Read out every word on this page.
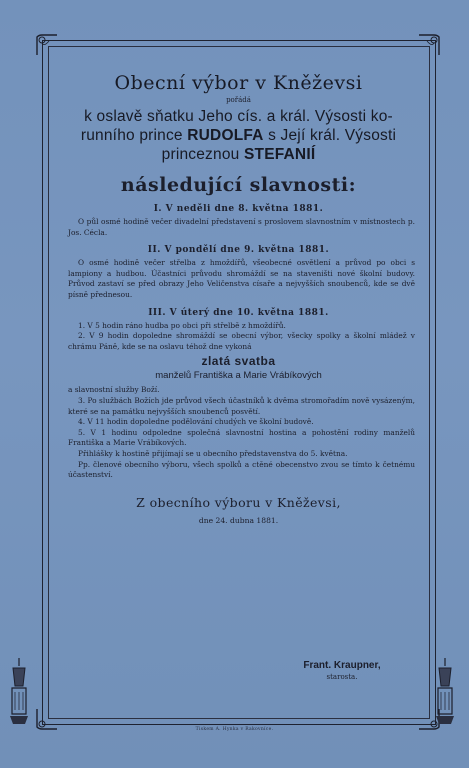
Obecní výbor v Kněževsi
pořádá
k oslavě sňatku Jeho cís. a král. Výsosti ko-
runního prince RUDOLFA s Její král. Výsosti
princeznou STEFANIÍ
následující slavnosti:
I. V neděli dne 8. května 1881.
O půl osmé hodině večer divadelní představení s proslovem slavnostním v místnostech p. Jos. Cécla.
II. V pondělí dne 9. května 1881.
O osmé hodině večer střelba z hmoždířů, všeobecné osvětlení a průvod po obci s lampiony a hudbou. Účastníci průvodu shromáždí se na staveništi nové školní budovy. Průvod zastaví se před obrazy Jeho Veličenstva císaře a nejvyšších snoubenců, kde se dvě písně přednesou.
III. V úterý dne 10. května 1881.
1. V 5 hodin ráno hudba po obci při střelbě z hmoždířů.
2. V 9 hodin dopoledne shromáždí se obecní výbor, všecky spolky a školní mládež v chrámu Páně, kde se na oslavu téhož dne vykoná
zlatá svatba
manželů Františka a Marie Vrábíkových
a slavnostní služby Boží.
3. Po službách Božích jde průvod všech účastníků k dvěma stromořadím nově vysázeným, které se na památku nejvyšších snoubenců posvětí.
4. V 11 hodin dopoledne podělování chudých ve školní budově.
5. V 1 hodinu odpoledne společná slavnostní hostina a pohostění rodiny manželů Františka a Marie Vrábíkových.
Přihlášky k hostině přijímají se u obecního představenstva do 5. května.
Pp. členové obecního výboru, všech spolků a ctěné obecenstvo zvou se tímto k četnému účastenství.
Z obecního výboru v Kněževsi,
dne 24. dubna 1881.
Frant. Kraupner,
starosta.
Tiskem A. Hynka v Rakovníce.
